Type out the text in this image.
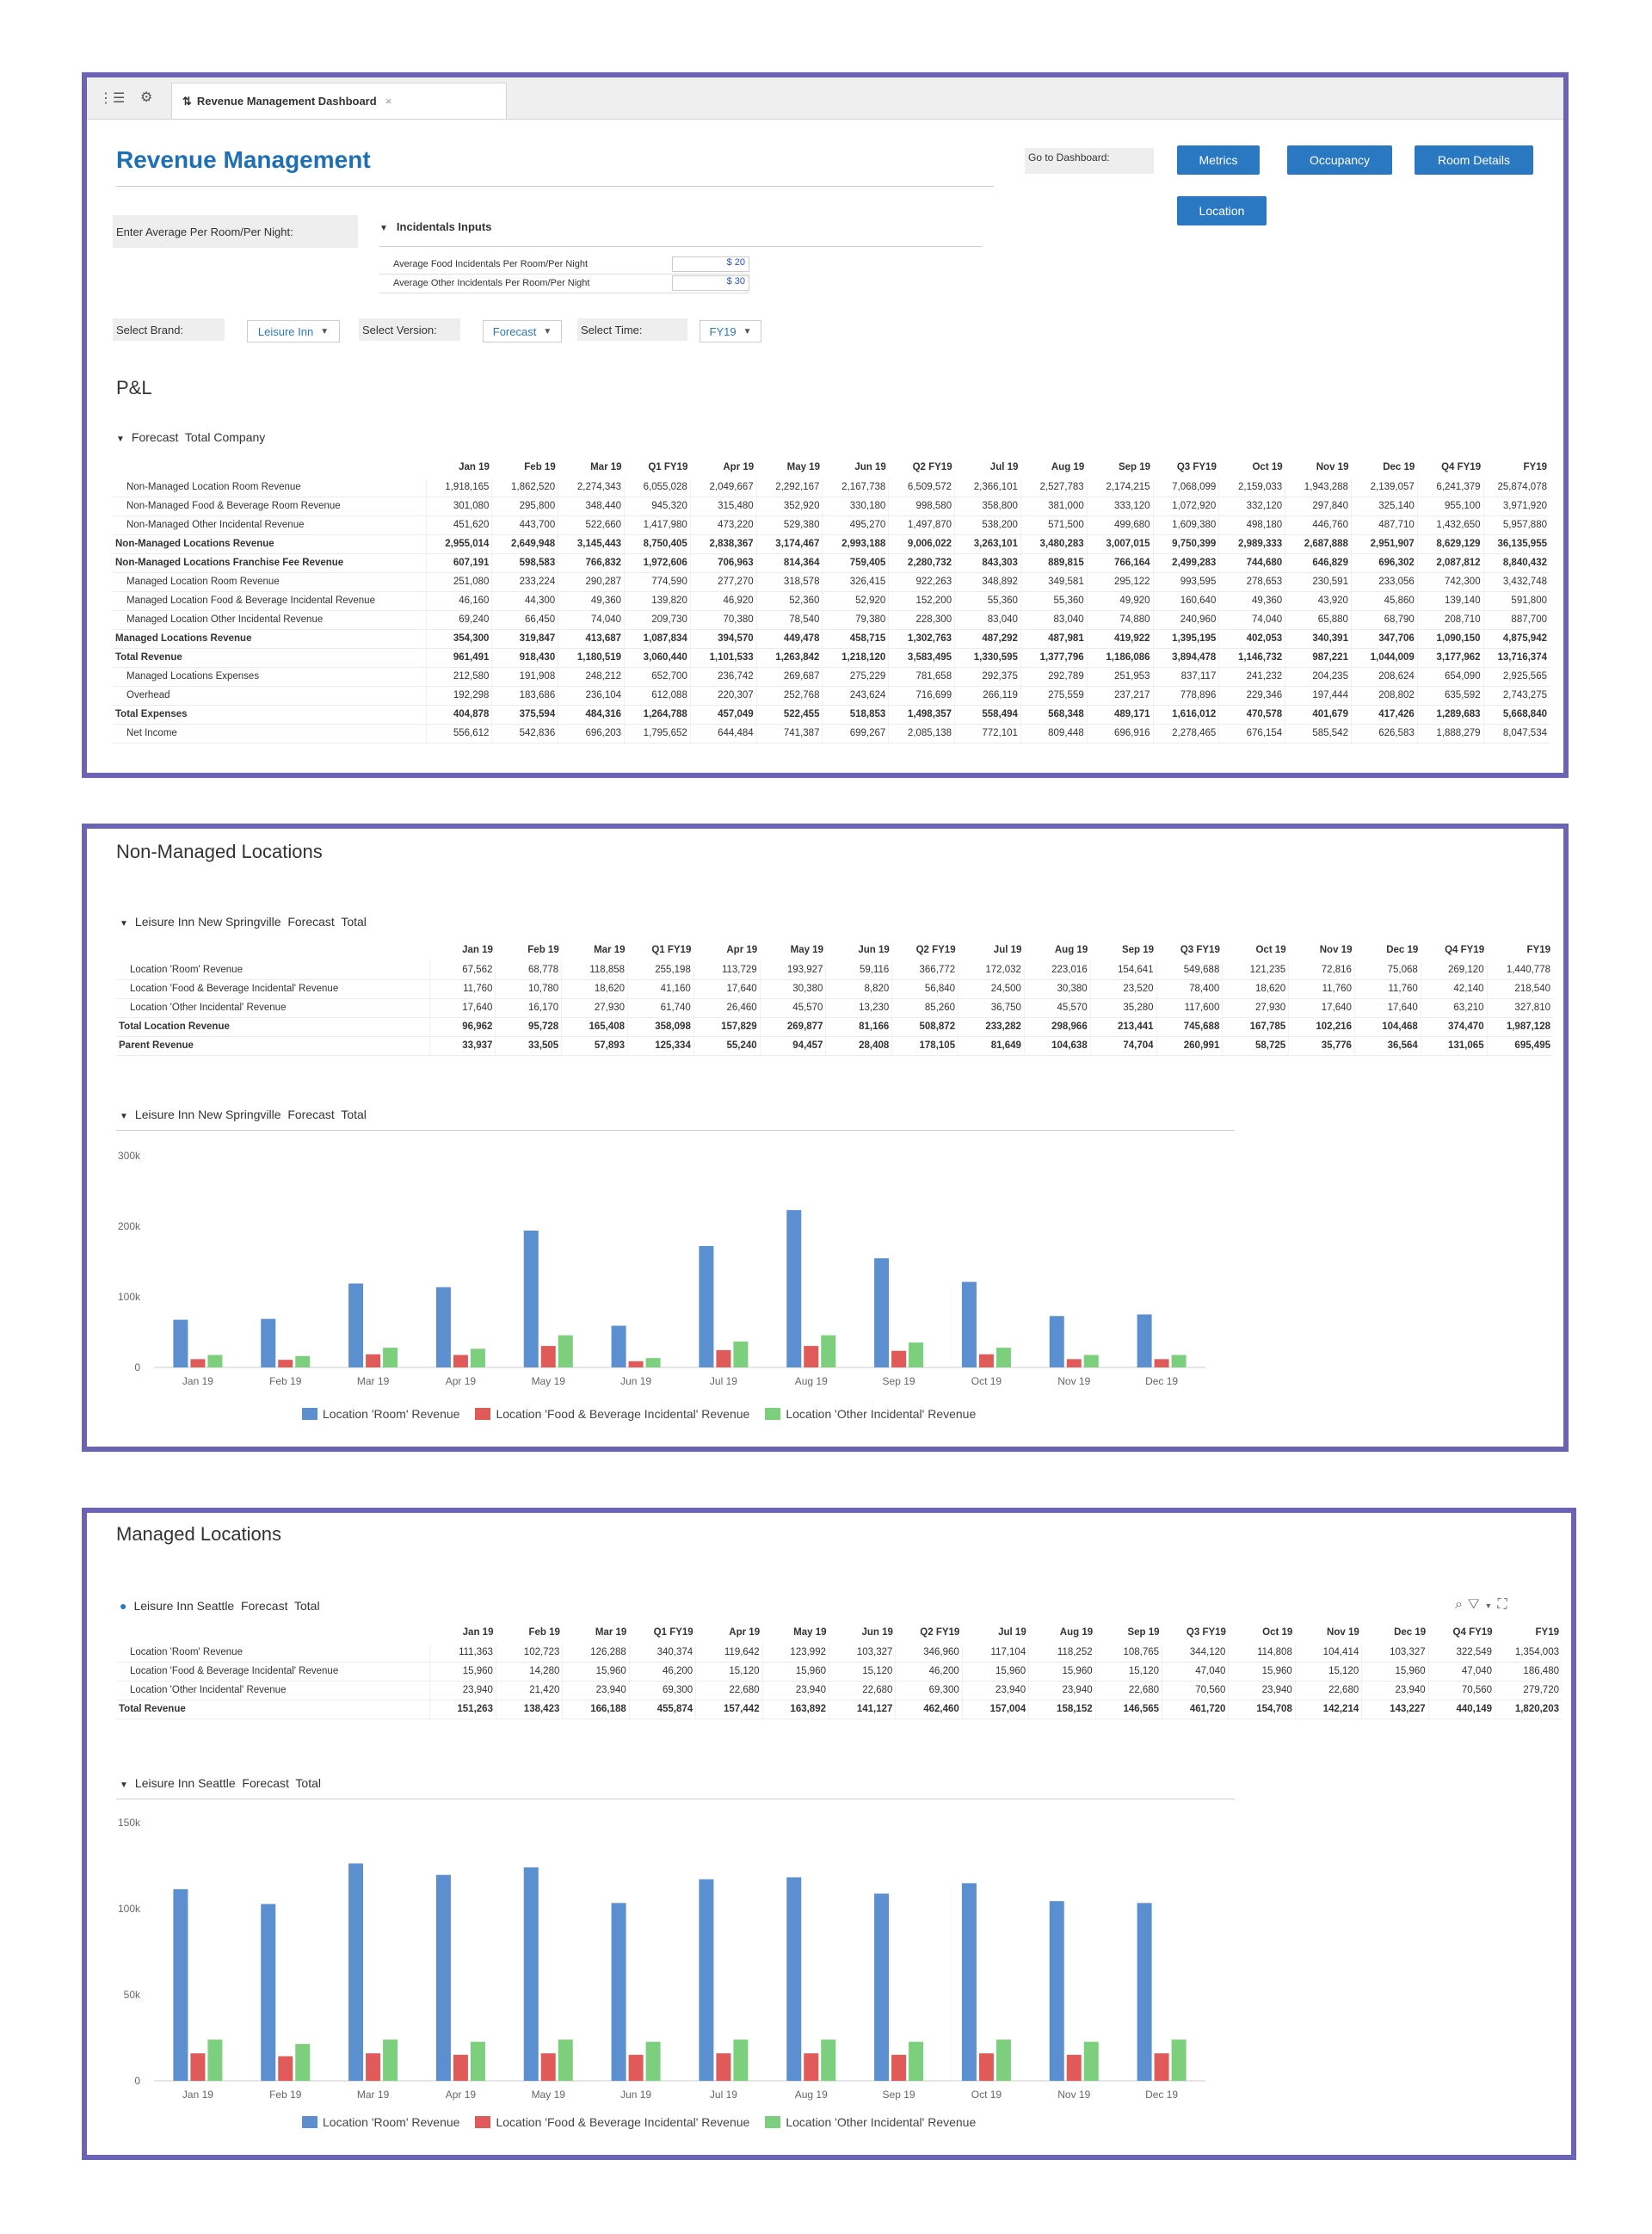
⋮☰ ⚙	⇅ Revenue Management Dashboard ×
Revenue Management	Go to Dashboard:	Metrics	Occupancy	Room Details
Location
Enter Average Per Room/Per Night:	▼ Incidentals Inputs
Average Food Incidentals Per Room/Per Night	$ 20
Average Other Incidentals Per Room/Per Night	$ 30
Select Brand:	Leisure Inn ▼	Select Version:	Forecast ▼	Select Time:	FY19 ▼
P&L
▼ Forecast  Total Company
	Jan 19	Feb 19	Mar 19	Q1 FY19	Apr 19	May 19	Jun 19	Q2 FY19	Jul 19	Aug 19	Sep 19	Q3 FY19	Oct 19	Nov 19	Dec 19	Q4 FY19	FY19
Non-Managed Location Room Revenue	1,918,165	1,862,520	2,274,343	6,055,028	2,049,667	2,292,167	2,167,738	6,509,572	2,366,101	2,527,783	2,174,215	7,068,099	2,159,033	1,943,288	2,139,057	6,241,379	25,874,078
Non-Managed Food & Beverage Room Revenue	301,080	295,800	348,440	945,320	315,480	352,920	330,180	998,580	358,800	381,000	333,120	1,072,920	332,120	297,840	325,140	955,100	3,971,920
Non-Managed Other Incidental Revenue	451,620	443,700	522,660	1,417,980	473,220	529,380	495,270	1,497,870	538,200	571,500	499,680	1,609,380	498,180	446,760	487,710	1,432,650	5,957,880
Non-Managed Locations Revenue	2,955,014	2,649,948	3,145,443	8,750,405	2,838,367	3,174,467	2,993,188	9,006,022	3,263,101	3,480,283	3,007,015	9,750,399	2,989,333	2,687,888	2,951,907	8,629,129	36,135,955
Non-Managed Locations Franchise Fee Revenue	607,191	598,583	766,832	1,972,606	706,963	814,364	759,405	2,280,732	843,303	889,815	766,164	2,499,283	744,680	646,829	696,302	2,087,812	8,840,432
Managed Location Room Revenue	251,080	233,224	290,287	774,590	277,270	318,578	326,415	922,263	348,892	349,581	295,122	993,595	278,653	230,591	233,056	742,300	3,432,748
Managed Location Food & Beverage Incidental Revenue	46,160	44,300	49,360	139,820	46,920	52,360	52,920	152,200	55,360	55,360	49,920	160,640	49,360	43,920	45,860	139,140	591,800
Managed Location Other Incidental Revenue	69,240	66,450	74,040	209,730	70,380	78,540	79,380	228,300	83,040	83,040	74,880	240,960	74,040	65,880	68,790	208,710	887,700
Managed Locations Revenue	354,300	319,847	413,687	1,087,834	394,570	449,478	458,715	1,302,763	487,292	487,981	419,922	1,395,195	402,053	340,391	347,706	1,090,150	4,875,942
Total Revenue	961,491	918,430	1,180,519	3,060,440	1,101,533	1,263,842	1,218,120	3,583,495	1,330,595	1,377,796	1,186,086	3,894,478	1,146,732	987,221	1,044,009	3,177,962	13,716,374
Managed Locations Expenses	212,580	191,908	248,212	652,700	236,742	269,687	275,229	781,658	292,375	292,789	251,953	837,117	241,232	204,235	208,624	654,090	2,925,565
Overhead	192,298	183,686	236,104	612,088	220,307	252,768	243,624	716,699	266,119	275,559	237,217	778,896	229,346	197,444	208,802	635,592	2,743,275
Total Expenses	404,878	375,594	484,316	1,264,788	457,049	522,455	518,853	1,498,357	558,494	568,348	489,171	1,616,012	470,578	401,679	417,426	1,289,683	5,668,840
Net Income	556,612	542,836	696,203	1,795,652	644,484	741,387	699,267	2,085,138	772,101	809,448	696,916	2,278,465	676,154	585,542	626,583	1,888,279	8,047,534
Non-Managed Locations
▼ Leisure Inn New Springville  Forecast  Total
	Jan 19	Feb 19	Mar 19	Q1 FY19	Apr 19	May 19	Jun 19	Q2 FY19	Jul 19	Aug 19	Sep 19	Q3 FY19	Oct 19	Nov 19	Dec 19	Q4 FY19	FY19
Location 'Room' Revenue	67,562	68,778	118,858	255,198	113,729	193,927	59,116	366,772	172,032	223,016	154,641	549,688	121,235	72,816	75,068	269,120	1,440,778
Location 'Food & Beverage Incidental' Revenue	11,760	10,780	18,620	41,160	17,640	30,380	8,820	56,840	24,500	30,380	23,520	78,400	18,620	11,760	11,760	42,140	218,540
Location 'Other Incidental' Revenue	17,640	16,170	27,930	61,740	26,460	45,570	13,230	85,260	36,750	45,570	35,280	117,600	27,930	17,640	17,640	63,210	327,810
Total Location Revenue	96,962	95,728	165,408	358,098	157,829	269,877	81,166	508,872	233,282	298,966	213,441	745,688	167,785	102,216	104,468	374,470	1,987,128
Parent Revenue	33,937	33,505	57,893	125,334	55,240	94,457	28,408	178,105	81,649	104,638	74,704	260,991	58,725	35,776	36,564	131,065	695,495
▼ Leisure Inn New Springville  Forecast  Total
0
100k
200k
300k
Jan 19	Feb 19	Mar 19	Apr 19	May 19	Jun 19	Jul 19	Aug 19	Sep 19	Oct 19	Nov 19	Dec 19
Location 'Room' Revenue	Location 'Food & Beverage Incidental' Revenue	Location 'Other Incidental' Revenue
Managed Locations
● Leisure Inn Seattle  Forecast  Total	⌕▽▼⛶
	Jan 19	Feb 19	Mar 19	Q1 FY19	Apr 19	May 19	Jun 19	Q2 FY19	Jul 19	Aug 19	Sep 19	Q3 FY19	Oct 19	Nov 19	Dec 19	Q4 FY19	FY19
Location 'Room' Revenue	111,363	102,723	126,288	340,374	119,642	123,992	103,327	346,960	117,104	118,252	108,765	344,120	114,808	104,414	103,327	322,549	1,354,003
Location 'Food & Beverage Incidental' Revenue	15,960	14,280	15,960	46,200	15,120	15,960	15,120	46,200	15,960	15,960	15,120	47,040	15,960	15,120	15,960	47,040	186,480
Location 'Other Incidental' Revenue	23,940	21,420	23,940	69,300	22,680	23,940	22,680	69,300	23,940	23,940	22,680	70,560	23,940	22,680	23,940	70,560	279,720
Total Revenue	151,263	138,423	166,188	455,874	157,442	163,892	141,127	462,460	157,004	158,152	146,565	461,720	154,708	142,214	143,227	440,149	1,820,203
▼ Leisure Inn Seattle  Forecast  Total
0
50k
100k
150k
Jan 19	Feb 19	Mar 19	Apr 19	May 19	Jun 19	Jul 19	Aug 19	Sep 19	Oct 19	Nov 19	Dec 19
Location 'Room' Revenue	Location 'Food & Beverage Incidental' Revenue	Location 'Other Incidental' Revenue
